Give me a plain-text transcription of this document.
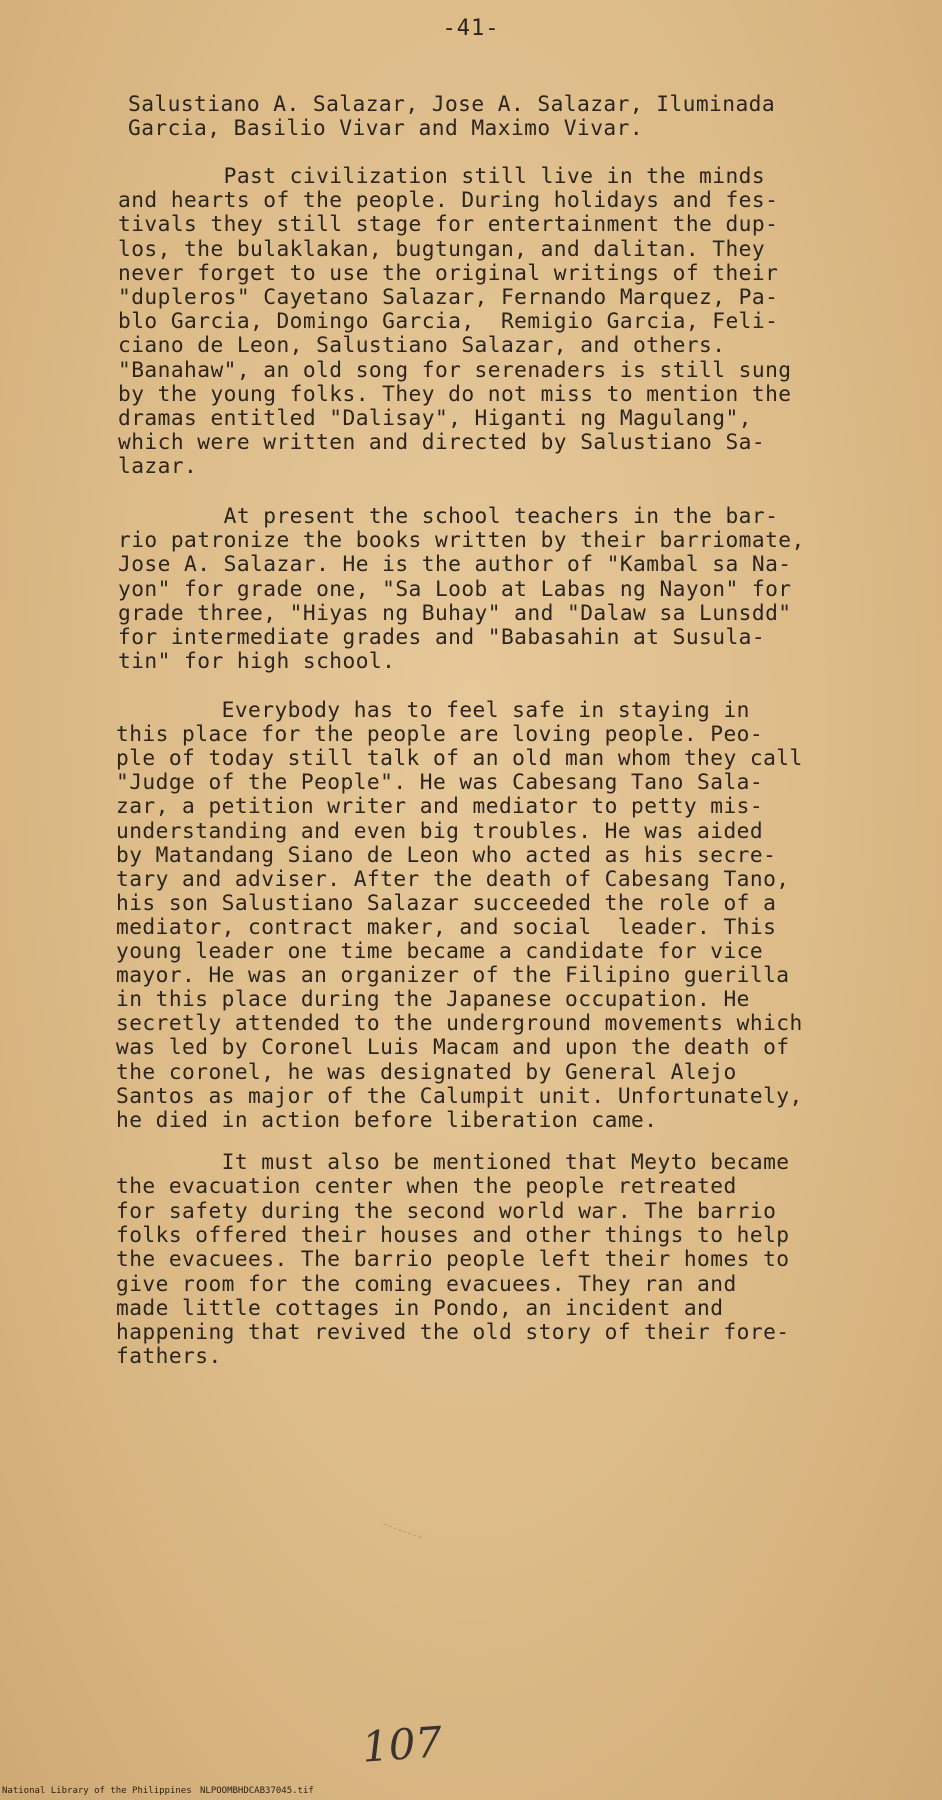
-41-
Salustiano A. Salazar, Jose A. Salazar, Iluminada
Garcia, Basilio Vivar and Maximo Vivar.
Past civilization still live in the minds
and hearts of the people. During holidays and fes-
tivals they still stage for entertainment the dup-
los, the bulaklakan, bugtungan, and dalitan. They
never forget to use the original writings of their
"dupleros" Cayetano Salazar, Fernando Marquez, Pa-
blo Garcia, Domingo Garcia,  Remigio Garcia, Feli-
ciano de Leon, Salustiano Salazar, and others.
"Banahaw", an old song for serenaders is still sung
by the young folks. They do not miss to mention the
dramas entitled "Dalisay", Higanti ng Magulang",
which were written and directed by Salustiano Sa-
lazar.
At present the school teachers in the bar-
rio patronize the books written by their barriomate,
Jose A. Salazar. He is the author of "Kambal sa Na-
yon" for grade one, "Sa Loob at Labas ng Nayon" for
grade three, "Hiyas ng Buhay" and "Dalaw sa Lunsdd"
for intermediate grades and "Babasahin at Susula-
tin" for high school.
Everybody has to feel safe in staying in
this place for the people are loving people. Peo-
ple of today still talk of an old man whom they call
"Judge of the People". He was Cabesang Tano Sala-
zar, a petition writer and mediator to petty mis-
understanding and even big troubles. He was aided
by Matandang Siano de Leon who acted as his secre-
tary and adviser. After the death of Cabesang Tano,
his son Salustiano Salazar succeeded the role of a
mediator, contract maker, and social  leader. This
young leader one time became a candidate for vice
mayor. He was an organizer of the Filipino guerilla
in this place during the Japanese occupation. He
secretly attended to the underground movements which
was led by Coronel Luis Macam and upon the death of
the coronel, he was designated by General Alejo
Santos as major of the Calumpit unit. Unfortunately,
he died in action before liberation came.
It must also be mentioned that Meyto became
the evacuation center when the people retreated
for safety during the second world war. The barrio
folks offered their houses and other things to help
the evacuees. The barrio people left their homes to
give room for the coming evacuees. They ran and
made little cottages in Pondo, an incident and
happening that revived the old story of their fore-
fathers.
107
National Library of the Philippines NLPOOMBHDCAB37045.tif
